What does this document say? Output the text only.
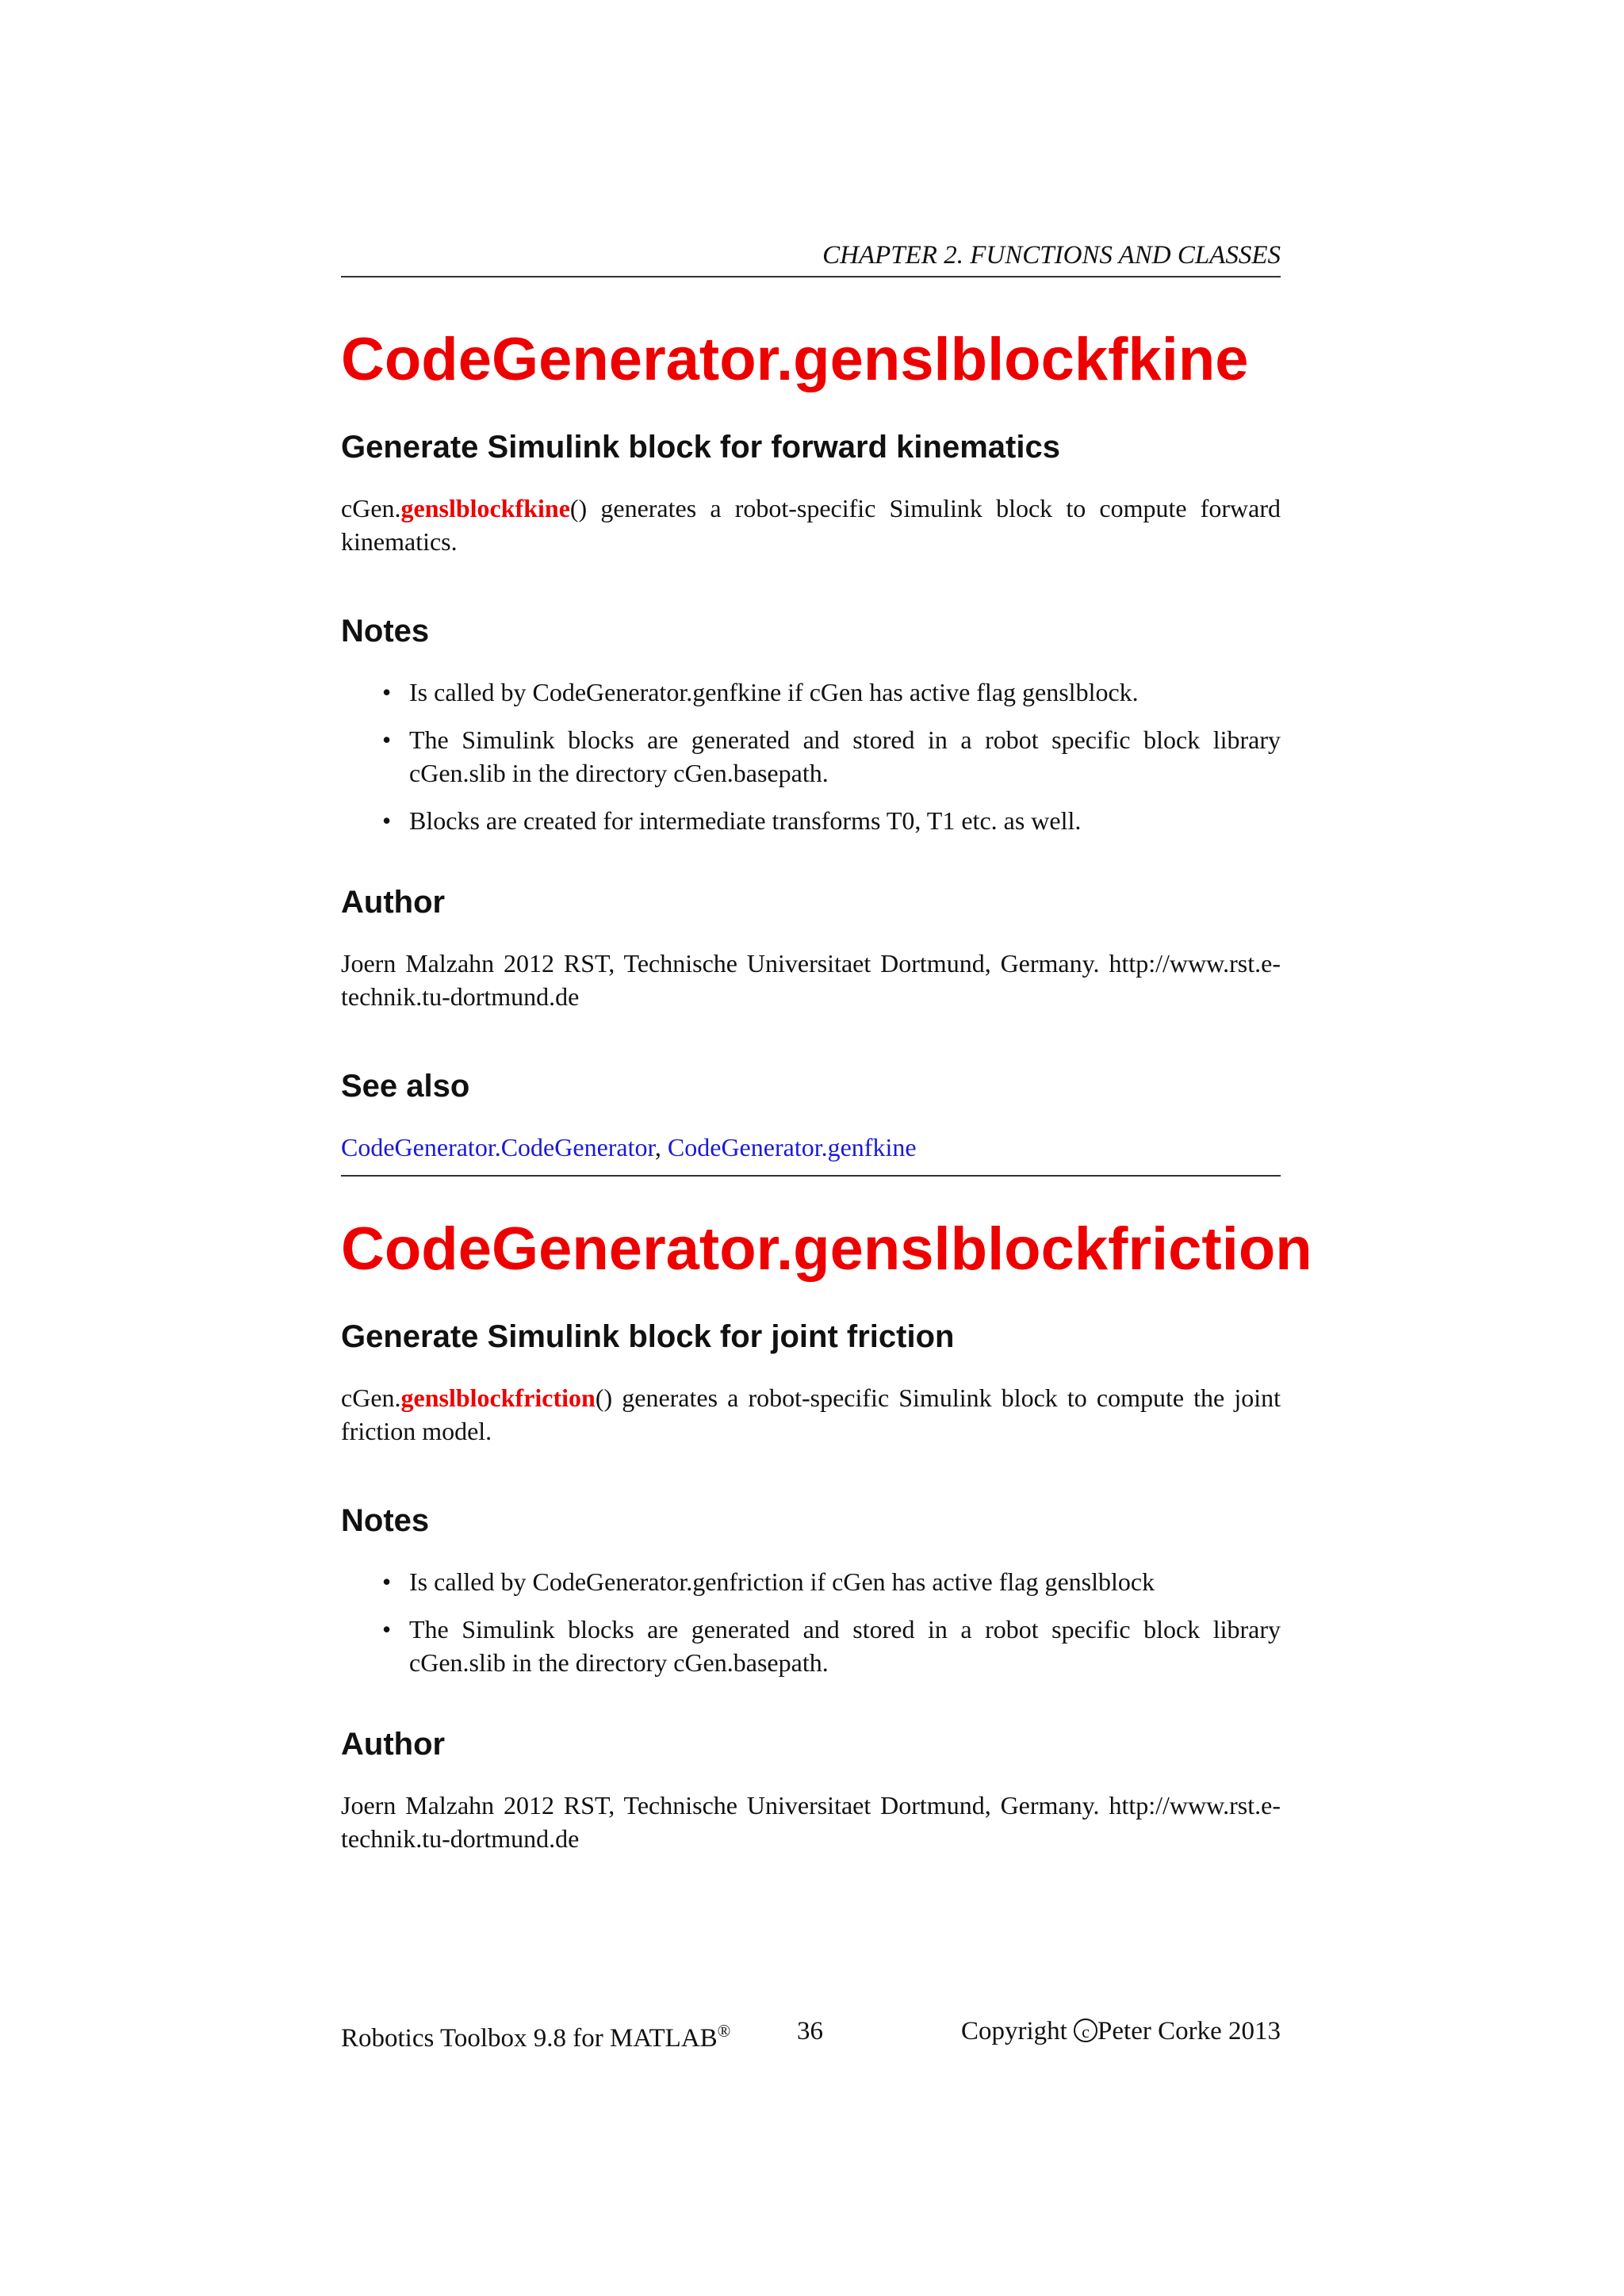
CHAPTER 2. FUNCTIONS AND CLASSES
CodeGenerator.genslblockfkine
Generate Simulink block for forward kinematics

cGen.genslblockfkine() generates a robot-specific Simulink block to compute forward kinematics.

Notes
• Is called by CodeGenerator.genfkine if cGen has active flag genslblock.
• The Simulink blocks are generated and stored in a robot specific block library cGen.slib in the directory cGen.basepath.
• Blocks are created for intermediate transforms T0, T1 etc. as well.
Author

Joern Malzahn 2012 RST, Technische Universitaet Dortmund, Germany. http://www.rst.e-technik.tu-dortmund.de

See also

CodeGenerator.CodeGenerator, CodeGenerator.genfkine

CodeGenerator.genslblockfriction
Generate Simulink block for joint friction

cGen.genslblockfriction() generates a robot-specific Simulink block to compute the joint friction model.

Notes
• Is called by CodeGenerator.genfriction if cGen has active flag genslblock
• The Simulink blocks are generated and stored in a robot specific block library cGen.slib in the directory cGen.basepath.
Author

Joern Malzahn 2012 RST, Technische Universitaet Dortmund, Germany. http://www.rst.e-technik.tu-dortmund.de

Robotics Toolbox 9.8 for MATLAB®	36	Copyright c Peter Corke 2013
